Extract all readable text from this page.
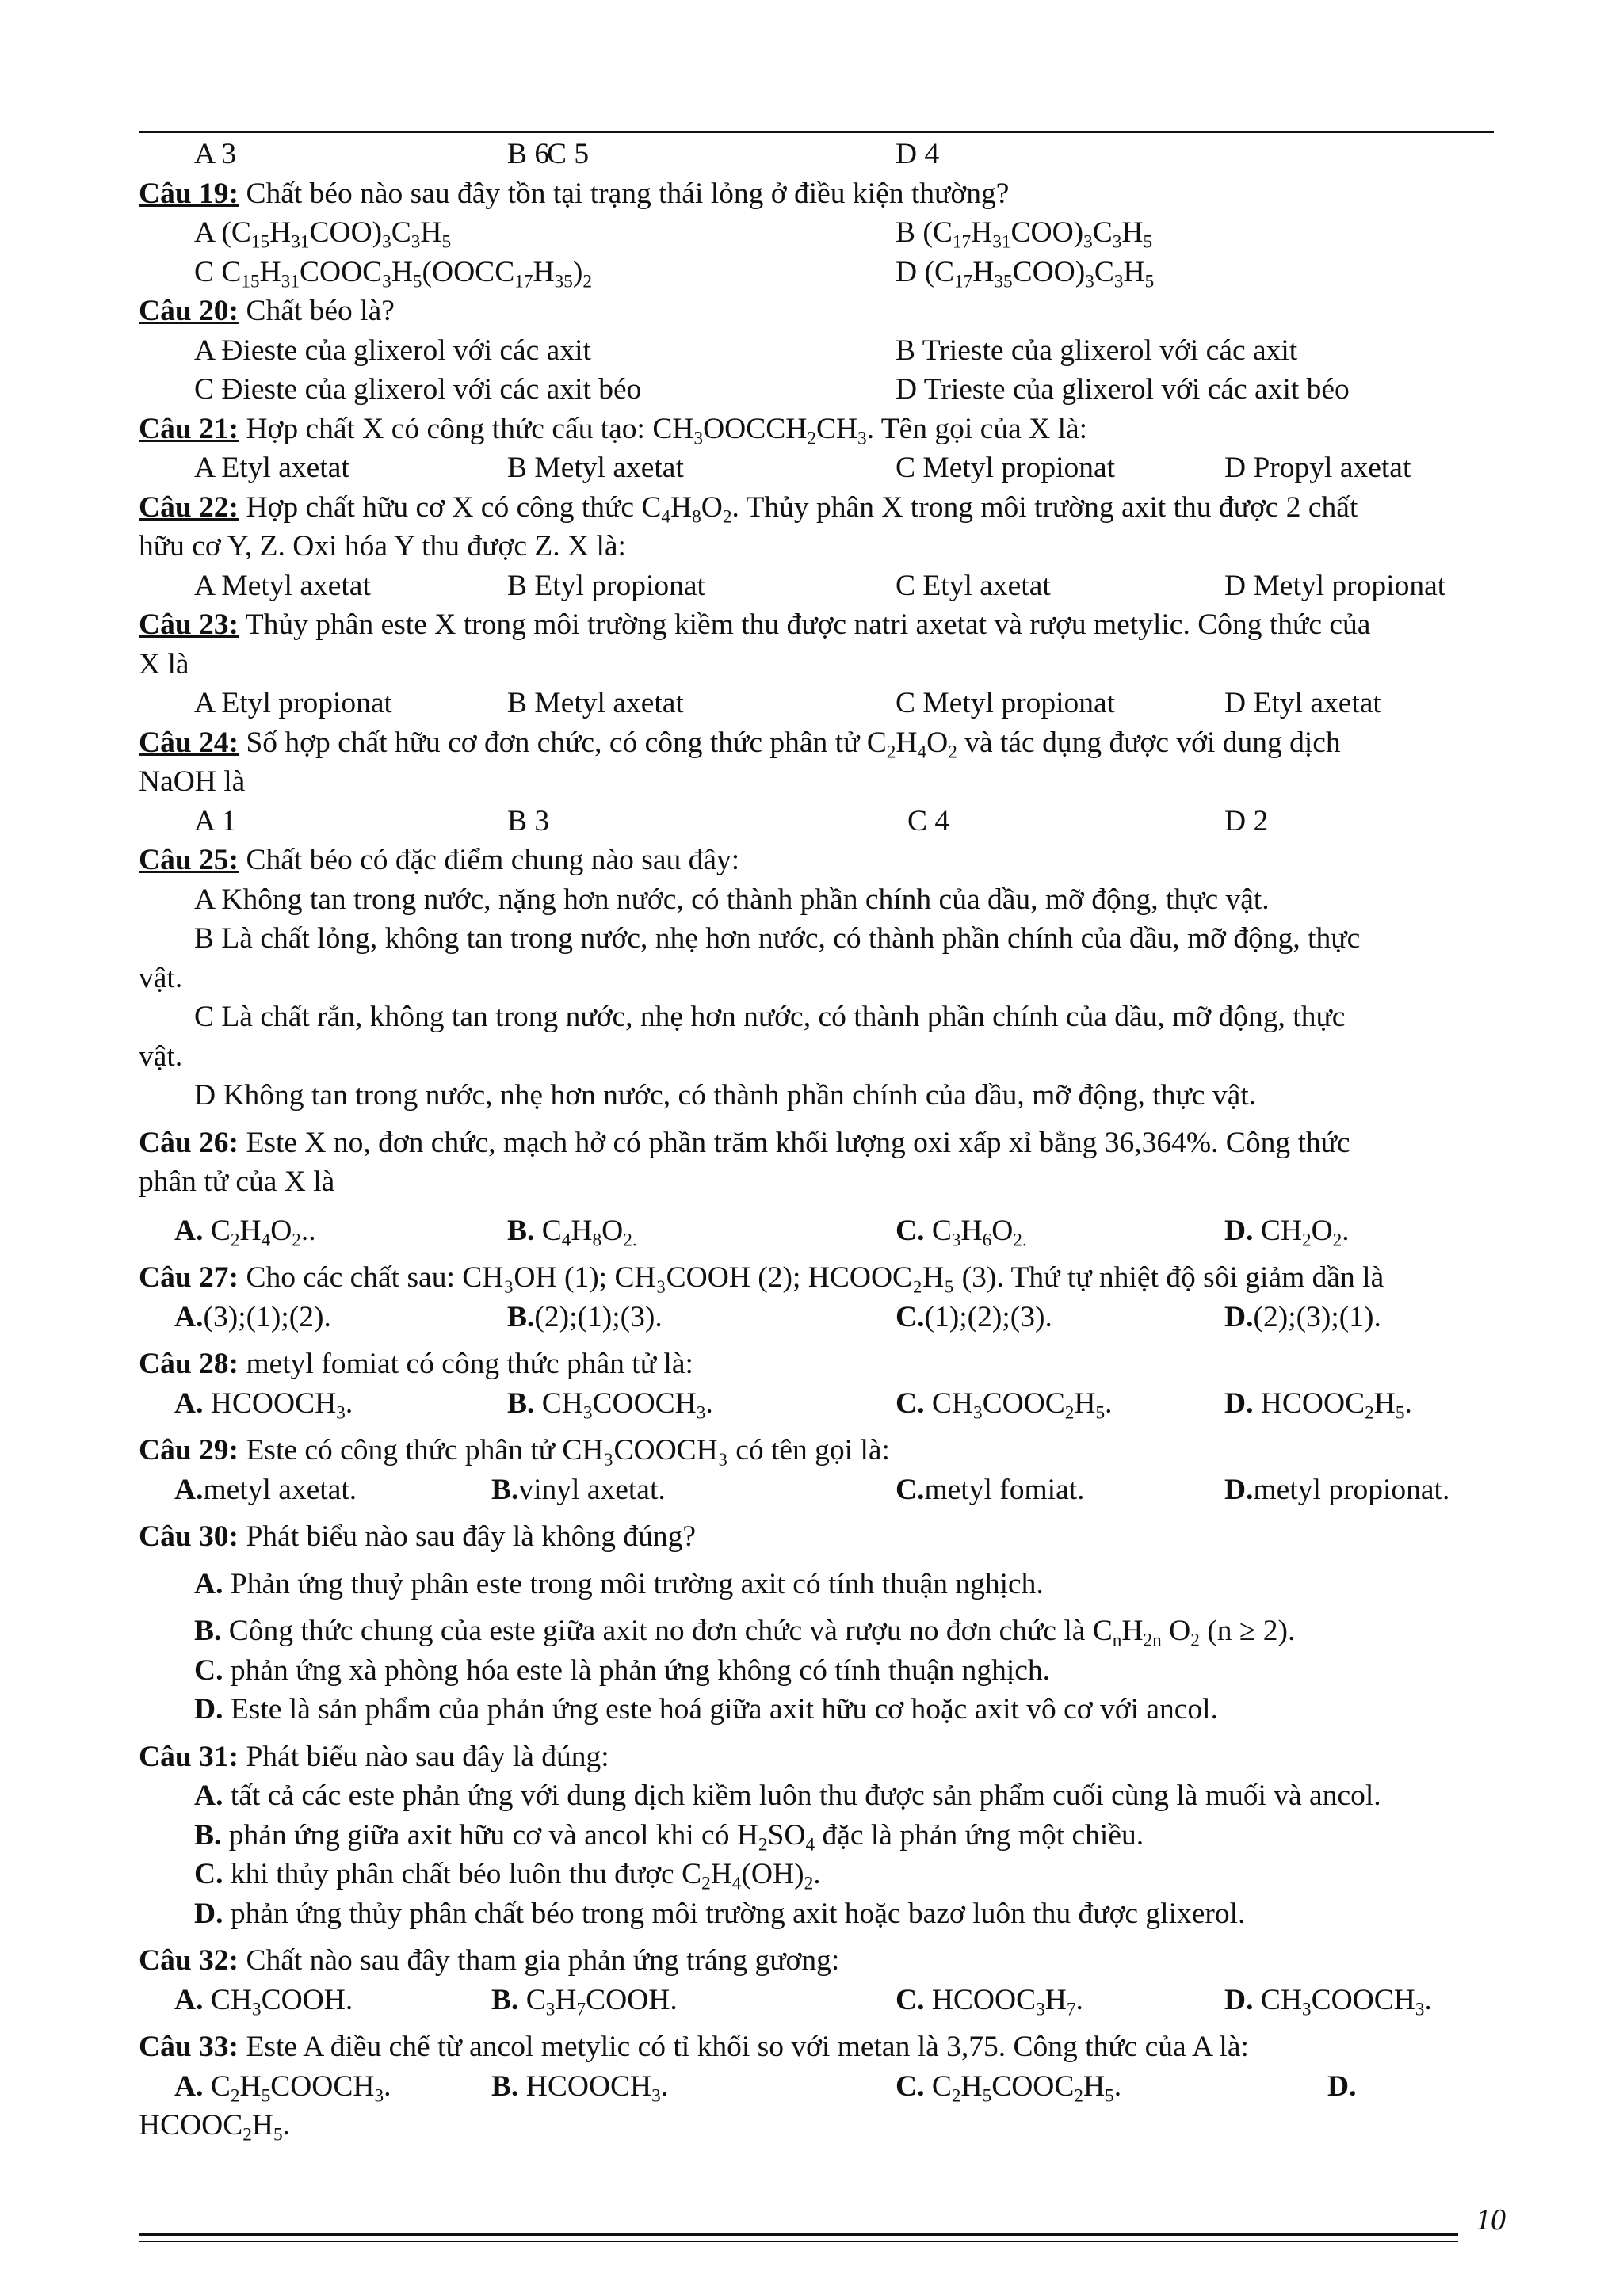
A 3	B 6
C 5	D 4
Câu 19: Chất béo nào sau đây tồn tại trạng thái lỏng ở điều kiện thường?
A $(C_{15}H_{31}COO)_3C_3H_5$	B $(C_{17}H_{31}COO)_3C_3H_5$
C $C_{15}H_{31}COOC_3H_5(OOCC_{17}H_{35})_2$	D $(C_{17}H_{35}COO)_3C_3H_5$
Câu 20: Chất béo là?
A Đieste của glixerol với các axit	B Trieste của glixerol với các axit
C Đieste của glixerol với các axit béo	D Trieste của glixerol với các axit béo
Câu 21: Hợp chất X có công thức cấu tạo: $CH_3OOCCH_2CH_3$. Tên gọi của X là:
A Etyl axetat	B Metyl axetat	C Metyl propionat	D Propyl axetat
Câu 22: Hợp chất hữu cơ X có công thức $C_4H_8O_2$. Thủy phân X trong môi trường axit thu được 2 chất
hữu cơ Y, Z. Oxi hóa Y thu được Z. X là:
A Metyl axetat	B Etyl propionat	C Etyl axetat	D Metyl propionat
Câu 23: Thủy phân este X trong môi trường kiềm thu được natri axetat và rượu metylic. Công thức của
X là
A Etyl propionat	B Metyl axetat	C Metyl propionat	D Etyl axetat
Câu 24: Số hợp chất hữu cơ đơn chức, có công thức phân tử $C_2H_4O_2$ và tác dụng được với dung dịch
NaOH là
A 1	B 3	C 4	D 2
Câu 25: Chất béo có đặc điểm chung nào sau đây:
A Không tan trong nước, nặng hơn nước, có thành phần chính của dầu, mỡ động, thực vật.
B Là chất lỏng, không tan trong nước, nhẹ hơn nước, có thành phần chính của dầu, mỡ động, thực
vật.
C Là chất rắn, không tan trong nước, nhẹ hơn nước, có thành phần chính của dầu, mỡ động, thực
vật.
D Không tan trong nước, nhẹ hơn nước, có thành phần chính của dầu, mỡ động, thực vật.
Câu 26: Este X no, đơn chức, mạch hở có phần trăm khối lượng oxi xấp xỉ bằng 36,364%. Công thức
phân tử của X là
A. $C_2H_4O_2$..	B. $C_4H_8O_{2.}$	C. $C_3H_6O_{2.}$	D. $CH_2O_2$.
Câu 27: Cho các chất sau: CH₃OH (1); CH₃COOH (2); HCOOC₂H₅ (3). Thứ tự nhiệt độ sôi giảm dần là
A. (3);(1);(2).	B. (2);(1);(3).	C. (1);(2);(3).	D. (2);(3);(1).
Câu 28: metyl fomiat có công thức phân tử là:
A. $HCOOCH_3$.	B. $CH_3COOCH_3$.	C. $CH_3COOC_2H_5$.	D. $HCOOC_2H_5$.
Câu 29: Este có công thức phân tử CH₃COOCH₃ có tên gọi là:
A. metyl axetat.	B. vinyl axetat.	C. metyl fomiat.	D. metyl propionat.
Câu 30: Phát biểu nào sau đây là không đúng?
A. Phản ứng thuỷ phân este trong môi trường axit có tính thuận nghịch.
B. Công thức chung của este giữa axit no đơn chức và rượu no đơn chức là $C_nH_{2n}$ $O_2$ (n ≥ 2).
C. phản ứng xà phòng hóa este là phản ứng không có tính thuận nghịch.
D. Este là sản phẩm của phản ứng este hoá giữa axit hữu cơ hoặc axit vô cơ với ancol.
Câu 31: Phát biểu nào sau đây là đúng:
A. tất cả các este phản ứng với dung dịch kiềm luôn thu được sản phẩm cuối cùng là muối và ancol.
B. phản ứng giữa axit hữu cơ và ancol khi có $H_2SO_4$ đặc là phản ứng một chiều.
C. khi thủy phân chất béo luôn thu được $C_2H_4(OH)_2$.
D. phản ứng thủy phân chất béo trong môi trường axit hoặc bazơ luôn thu được glixerol.
Câu 32: Chất nào sau đây tham gia phản ứng tráng gương:
A. $CH_3COOH$.	B. $C_3H_7COOH$.	C. $HCOOC_3H_7$.	D. $CH_3COOCH_3$.
Câu 33: Este A điều chế từ ancol metylic có tỉ khối so với metan là 3,75. Công thức của A là:
A. $C_2H_5COOCH_3$.	B. $HCOOCH_3$.	C. $C_2H_5COOC_2H_5$.	D.
$HCOOC_2H_5$.
10
